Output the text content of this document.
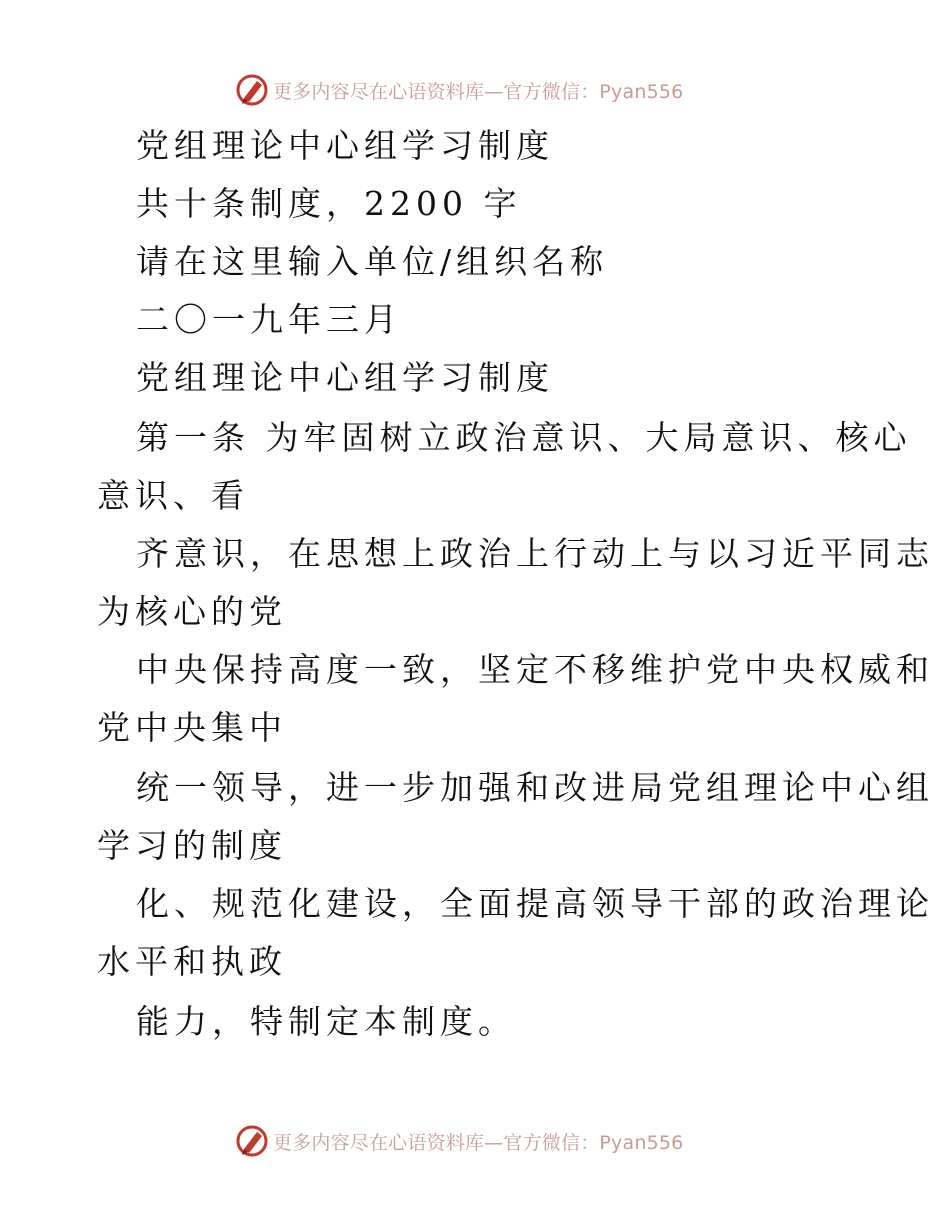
更多内容尽在心语资料库—官方微信：Pyan556
党组理论中心组学习制度
共十条制度，2200 字
请在这里输入单位/组织名称
二〇一九年三月
党组理论中心组学习制度
第一条 为牢固树立政治意识、大局意识、核心
意识、看
齐意识，在思想上政治上行动上与以习近平同志
为核心的党
中央保持高度一致，坚定不移维护党中央权威和
党中央集中
统一领导，进一步加强和改进局党组理论中心组
学习的制度
化、规范化建设，全面提高领导干部的政治理论
水平和执政
能力，特制定本制度。
更多内容尽在心语资料库—官方微信：Pyan556
